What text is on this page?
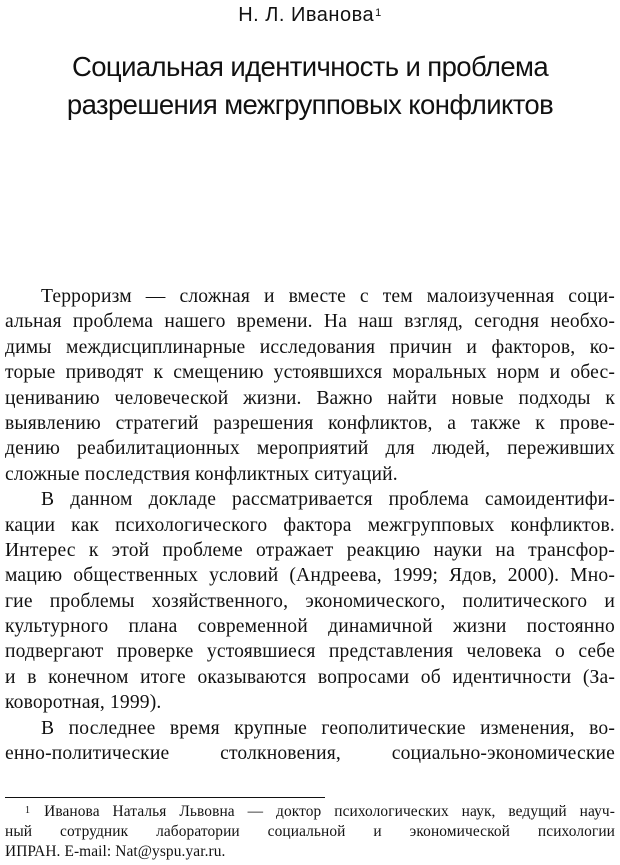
Н. Л. Иванова$^1$
Социальная идентичность и проблема
разрешения межгрупповых конфликтов
Терроризм — сложная и вместе с тем малоизученная соци-
альная проблема нашего времени. На наш взгляд, сегодня необхо-
димы междисциплинарные исследования причин и факторов, ко-
торые приводят к смещению устоявшихся моральных норм и обес-
цениванию человеческой жизни. Важно найти новые подходы к
выявлению стратегий разрешения конфликтов, а также к прове-
дению реабилитационных мероприятий для людей, переживших
сложные последствия конфликтных ситуаций.
В данном докладе рассматривается проблема самоидентифи-
кации как психологического фактора межгрупповых конфликтов.
Интерес к этой проблеме отражает реакцию науки на трансфор-
мацию общественных условий (Андреева, 1999; Ядов, 2000). Мно-
гие проблемы хозяйственного, экономического, политического и
культурного плана современной динамичной жизни постоянно
подвергают проверке устоявшиеся представления человека о себе
и в конечном итоге оказываются вопросами об идентичности (За-
коворотная, 1999).
В последнее время крупные геополитические изменения, во-
енно-политические столкновения, социально-экономические
$^1$ Иванова Наталья Львовна — доктор психологических наук, ведущий науч-
ный сотрудник лаборатории социальной и экономической психологии
ИПРАН. E-mail: Nat@yspu.yar.ru.
